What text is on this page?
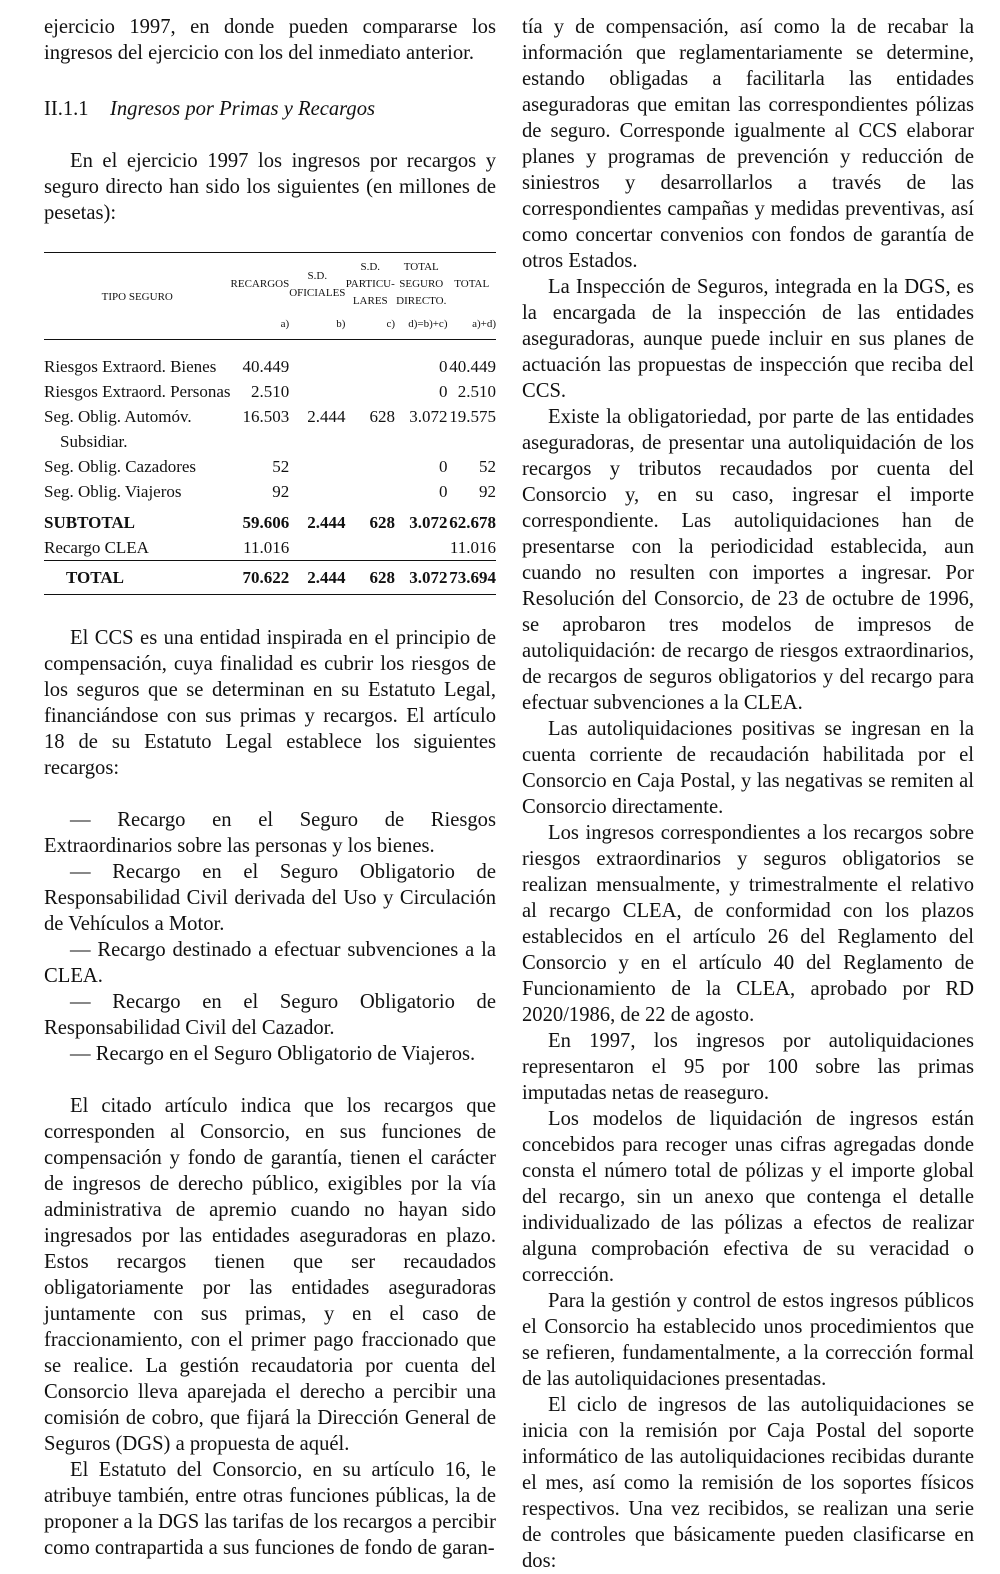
ejercicio 1997, en donde pueden compararse los ingresos del ejercicio con los del inmediato anterior.

II.1.1 Ingresos por Primas y Recargos

En el ejercicio 1997 los ingresos por recargos y seguro directo han sido los siguientes (en millones de pesetas):

TIPO SEGURO	RECARGOS	S.D. OFICIALES	S.D. PARTICU- LARES	TOTAL SEGURO DIRECTO.	TOTAL
	a)	b)	c)	d)=b)+c)	a)+d)
Riesgos Extraord. Bienes	40.449			0	40.449
Riesgos Extraord. Personas	2.510			0	2.510
Seg. Oblig. Automóv.
Subsidiar.	16.503	2.444	628	3.072	19.575
Seg. Oblig. Cazadores	52			0	52
Seg. Oblig. Viajeros	92			0	92
SUBTOTAL	59.606	2.444	628	3.072	62.678
Recargo CLEA	11.016				11.016
TOTAL	70.622	2.444	628	3.072	73.694

El CCS es una entidad inspirada en el principio de compensación, cuya finalidad es cubrir los riesgos de los seguros que se determinan en su Estatuto Legal, financiándose con sus primas y recargos. El artículo 18 de su Estatuto Legal establece los siguientes recargos:

— Recargo en el Seguro de Riesgos Extraordinarios sobre las personas y los bienes.

— Recargo en el Seguro Obligatorio de Responsabilidad Civil derivada del Uso y Circulación de Vehículos a Motor.

— Recargo destinado a efectuar subvenciones a la CLEA.

— Recargo en el Seguro Obligatorio de Responsabilidad Civil del Cazador.

— Recargo en el Seguro Obligatorio de Viajeros.

El citado artículo indica que los recargos que corresponden al Consorcio, en sus funciones de compensación y fondo de garantía, tienen el carácter de ingresos de derecho público, exigibles por la vía administrativa de apremio cuando no hayan sido ingresados por las entidades aseguradoras en plazo. Estos recargos tienen que ser recaudados obligatoriamente por las entidades aseguradoras juntamente con sus primas, y en el caso de fraccionamiento, con el primer pago fraccionado que se realice. La gestión recaudatoria por cuenta del Consorcio lleva aparejada el derecho a percibir una comisión de cobro, que fijará la Dirección General de Seguros (DGS) a propuesta de aquél.

El Estatuto del Consorcio, en su artículo 16, le atribuye también, entre otras funciones públicas, la de proponer a la DGS las tarifas de los recargos a percibir como contrapartida a sus funciones de fondo de garan-

tía y de compensación, así como la de recabar la información que reglamentariamente se determine, estando obligadas a facilitarla las entidades aseguradoras que emitan las correspondientes pólizas de seguro. Corresponde igualmente al CCS elaborar planes y programas de prevención y reducción de siniestros y desarrollarlos a través de las correspondientes campañas y medidas preventivas, así como concertar convenios con fondos de garantía de otros Estados.

La Inspección de Seguros, integrada en la DGS, es la encargada de la inspección de las entidades aseguradoras, aunque puede incluir en sus planes de actuación las propuestas de inspección que reciba del CCS.

Existe la obligatoriedad, por parte de las entidades aseguradoras, de presentar una autoliquidación de los recargos y tributos recaudados por cuenta del Consorcio y, en su caso, ingresar el importe correspondiente. Las autoliquidaciones han de presentarse con la periodicidad establecida, aun cuando no resulten con importes a ingresar. Por Resolución del Consorcio, de 23 de octubre de 1996, se aprobaron tres modelos de impresos de autoliquidación: de recargo de riesgos extraordinarios, de recargos de seguros obligatorios y del recargo para efectuar subvenciones a la CLEA.

Las autoliquidaciones positivas se ingresan en la cuenta corriente de recaudación habilitada por el Consorcio en Caja Postal, y las negativas se remiten al Consorcio directamente.

Los ingresos correspondientes a los recargos sobre riesgos extraordinarios y seguros obligatorios se realizan mensualmente, y trimestralmente el relativo al recargo CLEA, de conformidad con los plazos establecidos en el artículo 26 del Reglamento del Consorcio y en el artículo 40 del Reglamento de Funcionamiento de la CLEA, aprobado por RD 2020/1986, de 22 de agosto.

En 1997, los ingresos por autoliquidaciones representaron el 95 por 100 sobre las primas imputadas netas de reaseguro.

Los modelos de liquidación de ingresos están concebidos para recoger unas cifras agregadas donde consta el número total de pólizas y el importe global del recargo, sin un anexo que contenga el detalle individualizado de las pólizas a efectos de realizar alguna comprobación efectiva de su veracidad o corrección.

Para la gestión y control de estos ingresos públicos el Consorcio ha establecido unos procedimientos que se refieren, fundamentalmente, a la corrección formal de las autoliquidaciones presentadas.

El ciclo de ingresos de las autoliquidaciones se inicia con la remisión por Caja Postal del soporte informático de las autoliquidaciones recibidas durante el mes, así como la remisión de los soportes físicos respectivos. Una vez recibidos, se realizan una serie de controles que básicamente pueden clasificarse en dos:
